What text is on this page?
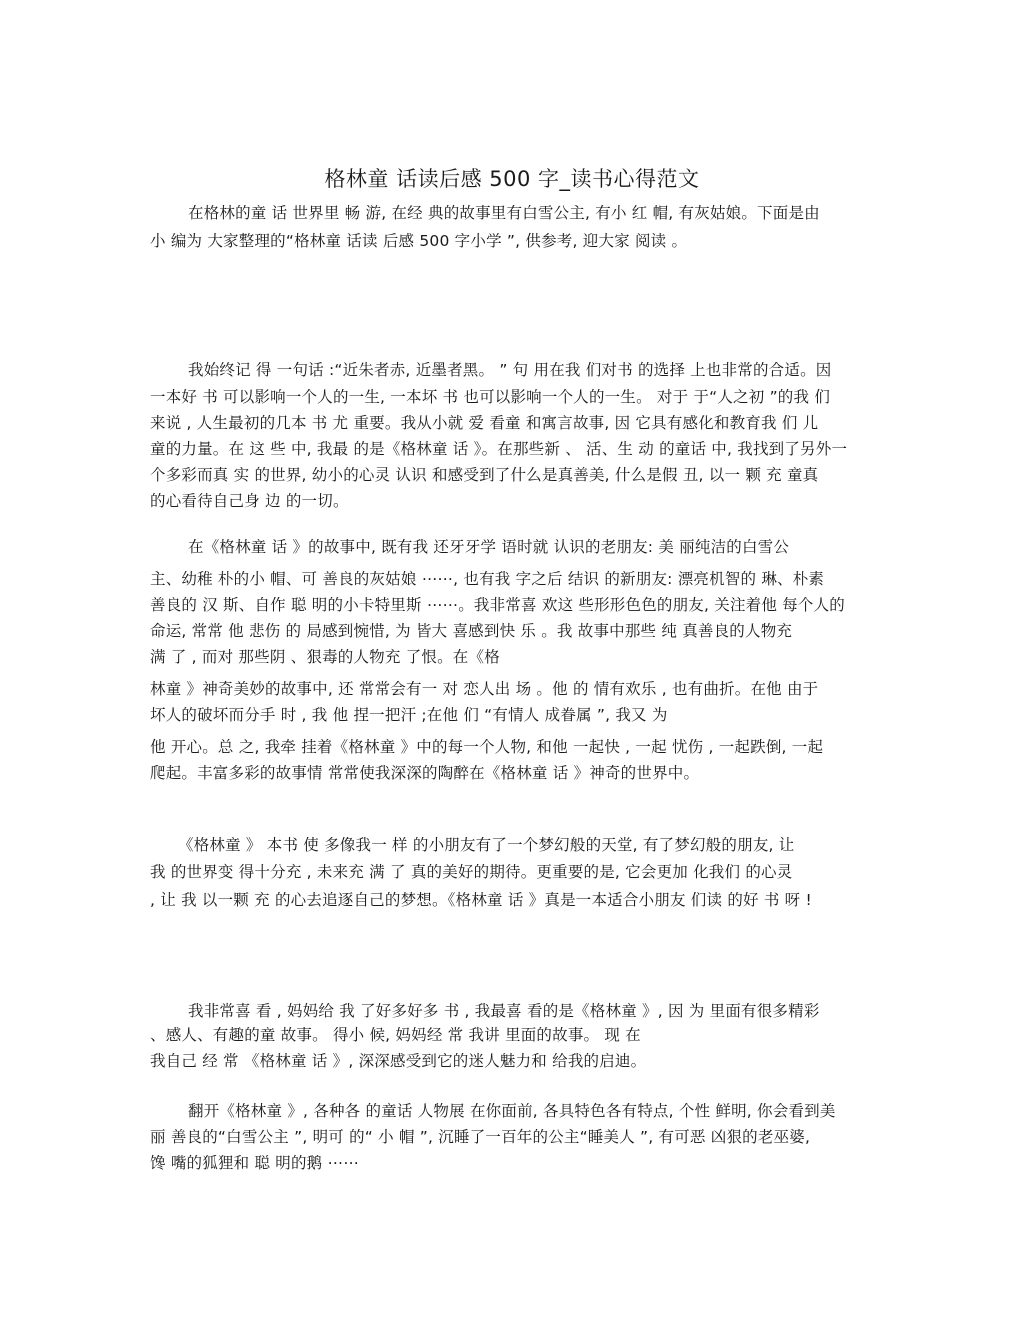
格林童 话读后感 500 字_读书心得范文
在格林的童 话 世界里 畅 游, 在经 典的故事里有白雪公主, 有小 红 帽, 有灰姑娘。下面是由
小 编为 大家整理的“格林童 话读 后感 500 字小学 ”, 供参考, 迎大家 阅读 。
我始终记 得 一句话 :“近朱者赤, 近墨者黑。 ” 句 用在我 们对书 的选择 上也非常的合适。因
一本好 书 可以影响一个人的一生, 一本坏 书 也可以影响一个人的一生。 对于 于“人之初 ”的我 们
来说 , 人生最初的几本 书 尤 重要。我从小就 爱 看童 和寓言故事, 因 它具有感化和教育我 们 儿
童的力量。在 这 些 中, 我最 的是《格林童 话 》。在那些新 、 活、生 动 的童话 中, 我找到了另外一
个多彩而真 实 的世界, 幼小的心灵 认识 和感受到了什么是真善美, 什么是假 丑, 以一 颗 充 童真
的心看待自己身 边 的一切。
在《格林童 话 》的故事中, 既有我 还牙牙学 语时就 认识的老朋友: 美 丽纯洁的白雪公
主、幼稚 朴的小 帽、可 善良的灰姑娘 ⋯⋯, 也有我 字之后 结识 的新朋友: 漂亮机智的 琳、朴素
善良的 汉 斯、自作 聪 明的小卡特里斯 ⋯⋯。我非常喜 欢这 些形形色色的朋友, 关注着他 每个人的
命运, 常常 他 悲伤 的 局感到惋惜, 为 皆大 喜感到快 乐 。我 故事中那些 纯 真善良的人物充
满 了 , 而对 那些阴 、狠毒的人物充 了恨。在《格
林童 》神奇美妙的故事中, 还 常常会有一 对 恋人出 场 。他 的 情有欢乐 , 也有曲折。在他 由于
坏人的破坏而分手 时 , 我 他 捏一把汗 ;在他 们 “有情人 成眷属 ”, 我又 为
他 开心。总 之, 我牵 挂着《格林童 》中的每一个人物, 和他 一起快 , 一起 忧伤 , 一起跌倒, 一起
爬起。丰富多彩的故事情 常常使我深深的陶醉在《格林童 话 》神奇的世界中。
《格林童 》 本书 使 多像我一 样 的小朋友有了一个梦幻般的天堂, 有了梦幻般的朋友, 让
我 的世界变 得十分充 , 未来充 满 了 真的美好的期待。更重要的是, 它会更加 化我们 的心灵
, 让 我 以一颗 充 的心去追逐自己的梦想。《格林童 话 》真是一本适合小朋友 们读 的好 书 呀 !
我非常喜 看 , 妈妈给 我 了好多好多 书 , 我最喜 看的是《格林童 》, 因 为 里面有很多精彩
、感人、有趣的童 故事。 得小 候, 妈妈经 常 我讲 里面的故事。 现 在
我自己 经 常 《格林童 话 》, 深深感受到它的迷人魅力和 给我的启迪。
翻开《格林童 》, 各种各 的童话 人物展 在你面前, 各具特色各有特点, 个性 鲜明, 你会看到美
丽 善良的“白雪公主 ”, 明可 的“ 小 帽 ”, 沉睡了一百年的公主“睡美人 ”, 有可恶 凶狠的老巫婆,
馋 嘴的狐狸和 聪 明的鹅 ⋯⋯
